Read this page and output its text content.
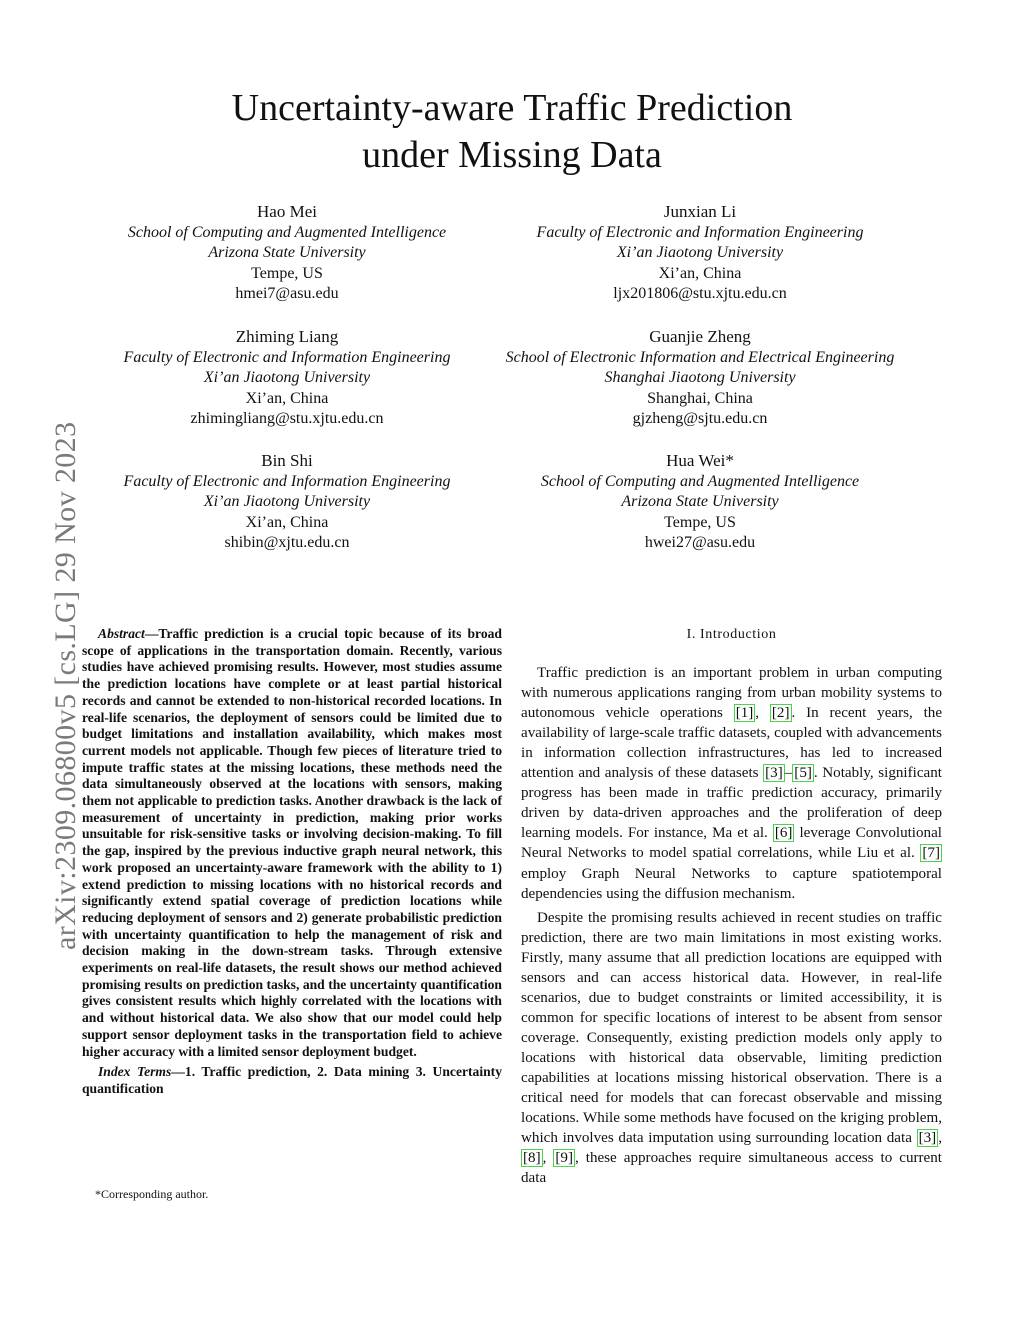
arXiv:2309.06800v5 [cs.LG] 29 Nov 2023
Uncertainty-aware Traffic Prediction
under Missing Data
Hao Mei
School of Computing and Augmented Intelligence
Arizona State University
Tempe, US
hmei7@asu.edu
Junxian Li
Faculty of Electronic and Information Engineering
Xi’an Jiaotong University
Xi’an, China
ljx201806@stu.xjtu.edu.cn
Zhiming Liang
Faculty of Electronic and Information Engineering
Xi’an Jiaotong University
Xi’an, China
zhimingliang@stu.xjtu.edu.cn
Guanjie Zheng
School of Electronic Information and Electrical Engineering
Shanghai Jiaotong University
Shanghai, China
gjzheng@sjtu.edu.cn
Bin Shi
Faculty of Electronic and Information Engineering
Xi’an Jiaotong University
Xi’an, China
shibin@xjtu.edu.cn
Hua Wei*
School of Computing and Augmented Intelligence
Arizona State University
Tempe, US
hwei27@asu.edu

Abstract—Traffic prediction is a crucial topic because of its broad scope of applications in the transportation domain. Recently, various studies have achieved promising results. However, most studies assume the prediction locations have complete or at least partial historical records and cannot be extended to non-historical recorded locations. In real-life scenarios, the deployment of sensors could be limited due to budget limitations and installation availability, which makes most current models not applicable. Though few pieces of literature tried to impute traffic states at the missing locations, these methods need the data simultaneously observed at the locations with sensors, making them not applicable to prediction tasks. Another drawback is the lack of measurement of uncertainty in prediction, making prior works unsuitable for risk-sensitive tasks or involving decision-making. To fill the gap, inspired by the previous inductive graph neural network, this work proposed an uncertainty-aware framework with the ability to 1) extend prediction to missing locations with no historical records and significantly extend spatial coverage of prediction locations while reducing deployment of sensors and 2) generate probabilistic prediction with uncertainty quantification to help the management of risk and decision making in the down-stream tasks. Through extensive experiments on real-life datasets, the result shows our method achieved promising results on prediction tasks, and the uncertainty quantification gives consistent results which highly correlated with the locations with and without historical data. We also show that our model could help support sensor deployment tasks in the transportation field to achieve higher accuracy with a limited sensor deployment budget.

Index Terms—1. Traffic prediction, 2. Data mining 3. Uncertainty quantification

*Corresponding author.
I. Introduction

Traffic prediction is an important problem in urban computing with numerous applications ranging from urban mobility systems to autonomous vehicle operations [1] , [2] . In recent years, the availability of large-scale traffic datasets, coupled with advancements in information collection infrastructures, has led to increased attention and analysis of these datasets [3] – [5] . Notably, significant progress has been made in traffic prediction accuracy, primarily driven by data-driven approaches and the proliferation of deep learning models. For instance, Ma et al. [6] leverage Convolutional Neural Networks to model spatial correlations, while Liu et al. [7] employ Graph Neural Networks to capture spatiotemporal dependencies using the diffusion mechanism.

Despite the promising results achieved in recent studies on traffic prediction, there are two main limitations in most existing works. Firstly, many assume that all prediction locations are equipped with sensors and can access historical data. However, in real-life scenarios, due to budget constraints or limited accessibility, it is common for specific locations of interest to be absent from sensor coverage. Consequently, existing prediction models only apply to locations with historical data observable, limiting prediction capabilities at locations missing historical observation. There is a critical need for models that can forecast observable and missing locations. While some methods have focused on the kriging problem, which involves data imputation using surrounding location data [3] , [8] , [9] , these approaches require simultaneous access to current data
